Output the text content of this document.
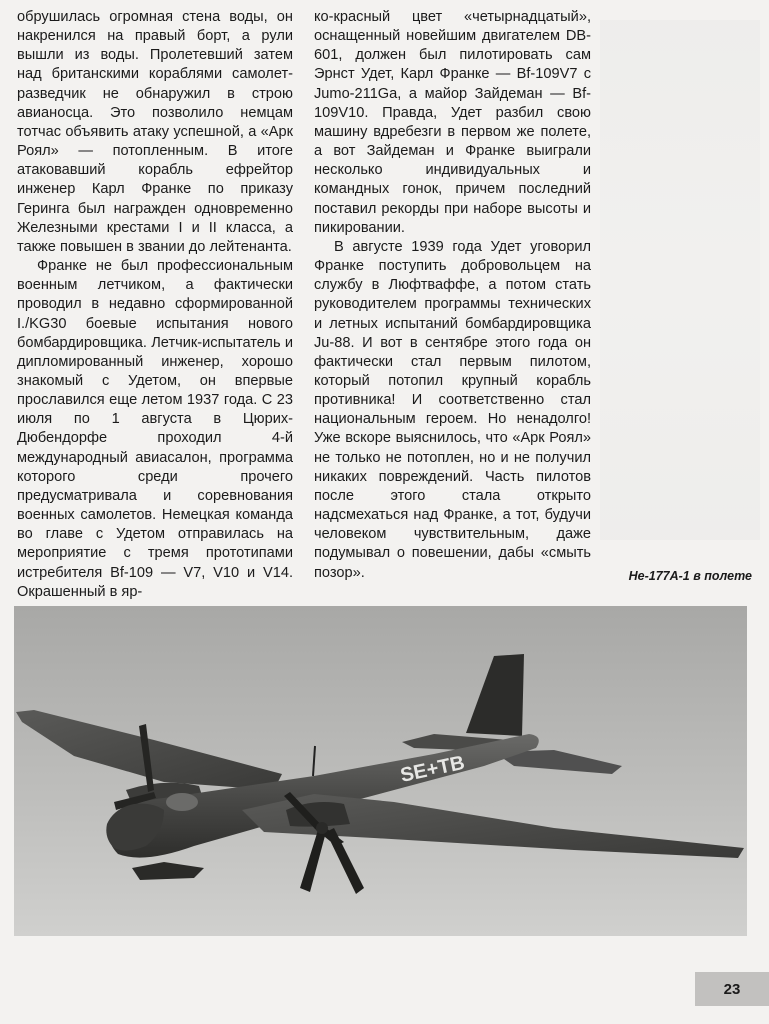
обрушилась огромная стена воды, он накренился на правый борт, а рули вышли из воды. Пролетевший затем над британскими кораблями самолет-разведчик не обнаружил в строю авианосца. Это позволило немцам тотчас объявить атаку успешной, а «Арк Роял» — потопленным. В итоге атаковавший корабль ефрейтор инженер Карл Франке по приказу Геринга был награжден одновременно Железными крестами I и II класса, а также повышен в звании до лейтенанта.

Франке не был профессиональным военным летчиком, а фактически проводил в недавно сформированной I./KG30 боевые испытания нового бомбардировщика. Летчик-испытатель и дипломированный инженер, хорошо знакомый с Удетом, он впервые прославился еще летом 1937 года. С 23 июля по 1 августа в Цюрих-Дюбендорфе проходил 4-й международный авиасалон, программа которого среди прочего предусматривала и соревнования военных самолетов. Немецкая команда во главе с Удетом отправилась на мероприятие с тремя прототипами истребителя Bf-109 — V7, V10 и V14. Окрашенный в яр-

ко-красный цвет «четырнадцатый», оснащенный новейшим двигателем DB-601, должен был пилотировать сам Эрнст Удет, Карл Франке — Bf-109V7 с Jumo-211Ga, а майор Зайдеман — Bf-109V10. Правда, Удет разбил свою машину вдребезги в первом же полете, а вот Зайдеман и Франке выиграли несколько индивидуальных и командных гонок, причем последний поставил рекорды при наборе высоты и пикировании.

В августе 1939 года Удет уговорил Франке поступить добровольцем на службу в Люфтваффе, а потом стать руководителем программы технических и летных испытаний бомбардировщика Ju-88. И вот в сентябре этого года он фактически стал первым пилотом, который потопил крупный корабль противника! И соответственно стал национальным героем. Но ненадолго! Уже вскоре выяснилось, что «Арк Роял» не только не потоплен, но и не получил никаких повреждений. Часть пилотов после этого стала открыто надсмехаться над Франке, а тот, будучи человеком чувствительным, даже подумывал о повешении, дабы «смыть позор».	He-177A-1 в полете
SE+TB
23
